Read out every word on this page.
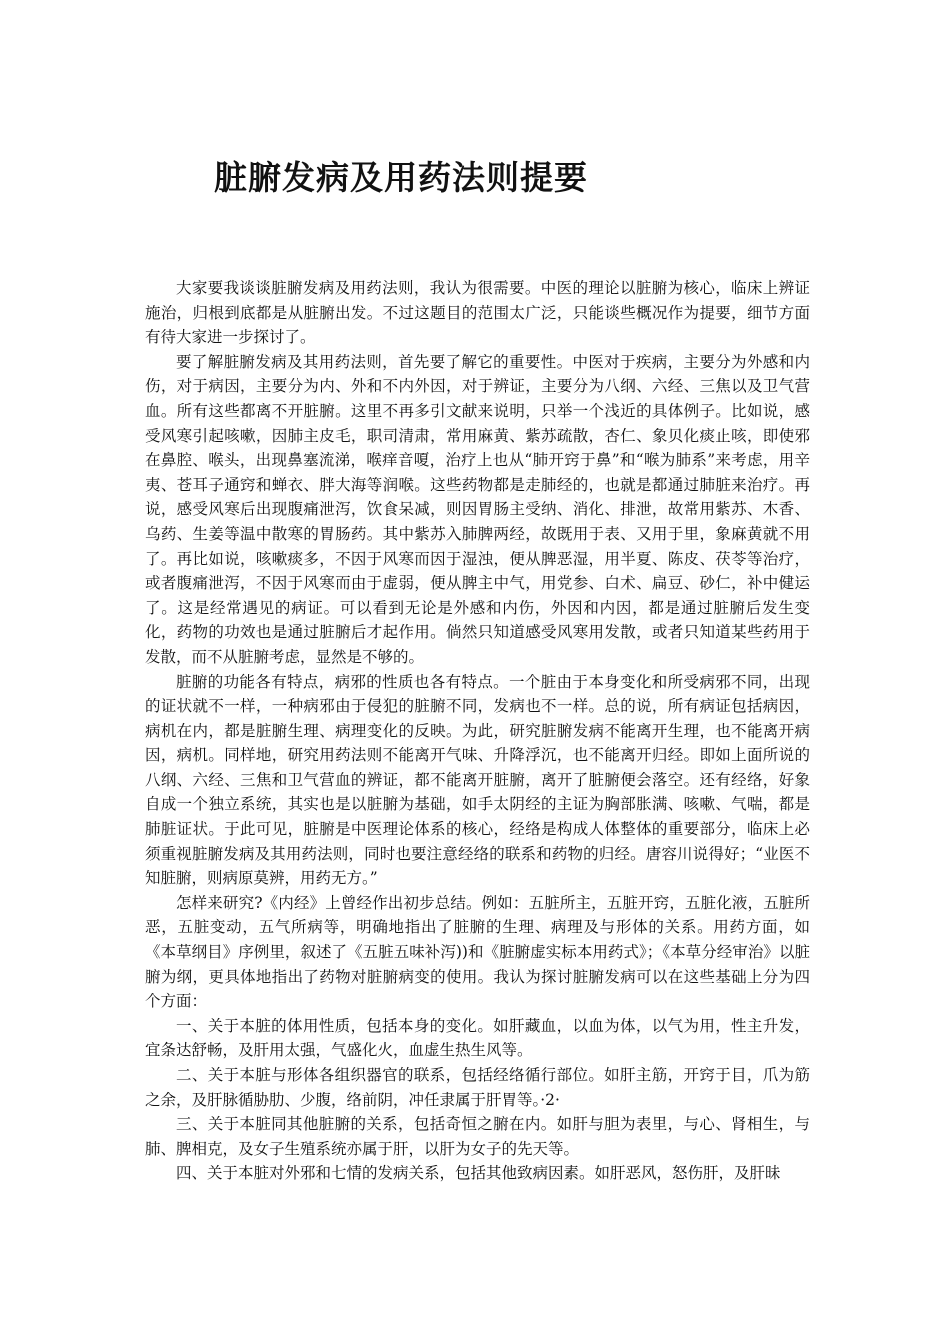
脏腑发病及用药法则提要

大家要我谈谈脏腑发病及用药法则，我认为很需要。中医的理论以脏腑为核心，临床上辨证施治，归根到底都是从脏腑出发。不过这题目的范围太广泛，只能谈些概况作为提要，细节方面有待大家进一步探讨了。

要了解脏腑发病及其用药法则，首先要了解它的重要性。中医对于疾病，主要分为外感和内伤，对于病因，主要分为内、外和不内外因，对于辨证，主要分为八纲、六经、三焦以及卫气营血。所有这些都离不开脏腑。这里不再多引文献来说明，只举一个浅近的具体例子。比如说，感受风寒引起咳嗽，因肺主皮毛，职司清肃，常用麻黄、紫苏疏散，杏仁、象贝化痰止咳，即使邪在鼻腔、喉头，出现鼻塞流涕，喉痒音嗄，治疗上也从“肺开窍于鼻”和“喉为肺系”来考虑，用辛夷、苍耳子通窍和蝉衣、胖大海等润喉。这些药物都是走肺经的，也就是都通过肺脏来治疗。再说，感受风寒后出现腹痛泄泻，饮食呆减，则因胃肠主受纳、消化、排泄，故常用紫苏、木香、乌药、生姜等温中散寒的胃肠药。其中紫苏入肺脾两经，故既用于表、又用于里，象麻黄就不用了。再比如说，咳嗽痰多，不因于风寒而因于湿浊，便从脾恶湿，用半夏、陈皮、茯苓等治疗，或者腹痛泄泻，不因于风寒而由于虚弱，便从脾主中气，用党参、白术、扁豆、砂仁，补中健运了。这是经常遇见的病证。可以看到无论是外感和内伤，外因和内因，都是通过脏腑后发生变化，药物的功效也是通过脏腑后才起作用。倘然只知道感受风寒用发散，或者只知道某些药用于发散，而不从脏腑考虑，显然是不够的。

脏腑的功能各有特点，病邪的性质也各有特点。一个脏由于本身变化和所受病邪不同，出现的证状就不一样，一种病邪由于侵犯的脏腑不同，发病也不一样。总的说，所有病证包括病因，病机在内，都是脏腑生理、病理变化的反映。为此，研究脏腑发病不能离开生理，也不能离开病因，病机。同样地，研究用药法则不能离开气味、升降浮沉，也不能离开归经。即如上面所说的八纲、六经、三焦和卫气营血的辨证，都不能离开脏腑，离开了脏腑便会落空。还有经络，好象自成一个独立系统，其实也是以脏腑为基础，如手太阴经的主证为胸部胀满、咳嗽、气喘，都是肺脏证状。于此可见，脏腑是中医理论体系的核心，经络是构成人体整体的重要部分，临床上必须重视脏腑发病及其用药法则，同时也要注意经络的联系和药物的归经。唐容川说得好；“业医不知脏腑，则病原莫辨，用药无方。”

怎样来研究?《内经》上曾经作出初步总结。例如：五脏所主，五脏开窍，五脏化液，五脏所恶，五脏变动，五气所病等，明确地指出了脏腑的生理、病理及与形体的关系。用药方面，如《本草纲目》序例里，叙述了《五脏五味补泻))和《脏腑虚实标本用药式》；《本草分经审治》以脏腑为纲，更具体地指出了药物对脏腑病变的使用。我认为探讨脏腑发病可以在这些基础上分为四个方面：

一、关于本脏的体用性质，包括本身的变化。如肝藏血，以血为体，以气为用，性主升发，宜条达舒畅，及肝用太强，气盛化火，血虚生热生风等。

二、关于本脏与形体各组织器官的联系，包括经络循行部位。如肝主筋，开窍于目，爪为筋之余，及肝脉循胁肋、少腹，络前阴，冲任隶属于肝胃等。·2·

三、关于本脏同其他脏腑的关系，包括奇恒之腑在内。如肝与胆为表里，与心、肾相生，与肺、脾相克，及女子生殖系统亦属于肝，以肝为女子的先天等。

四、关于本脏对外邪和七情的发病关系，包括其他致病因素。如肝恶风，怒伤肝，及肝昧
